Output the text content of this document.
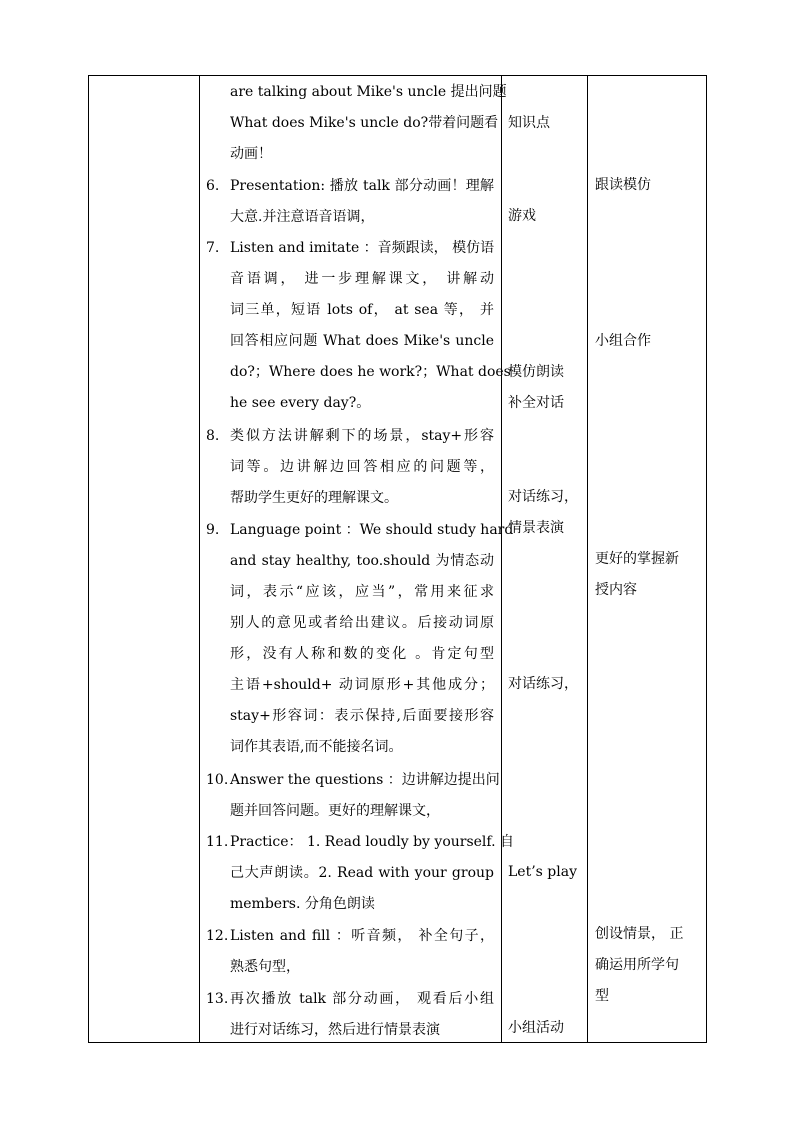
are talking about Mike's uncle 提出问题
What does Mike's uncle do?带着问题看
动画！
6. Presentation: 播放 talk 部分动画！理解
大意.并注意语音语调，
7. Listen and imitate ：音频跟读， 模仿语
音语调， 进一步理解课文， 讲解动
词三单，短语 lots of， at sea 等， 并
回答相应问题 What does Mike's uncle
do?；Where does he work?；What does
he see every day?。
8. 类似方法讲解剩下的场景，stay+形容
词等。边讲解边回答相应的问题等，
帮助学生更好的理解课文。
9. Language point ：We should study hard
and stay healthy, too.should 为情态动
词，表示“应该，应当”，常用来征求
别人的意见或者给出建议。后接动词原
形，没有人称和数的变化 。肯定句型
主语+should+ 动词原形+其他成分；
stay+形容词：表示保持,后面要接形容
词作其表语,而不能接名词。
10. Answer the questions ：边讲解边提出问
题并回答问题。更好的理解课文，
11. Practice： 1. Read loudly by yourself. 自
己大声朗读。2. Read with your group
members. 分角色朗读
12. Listen and fill ：听音频， 补全句子，
熟悉句型，
13. 再次播放 talk 部分动画， 观看后小组
进行对话练习，然后进行情景表演
知识点
游戏
模仿朗读
补全对话
对话练习，
情景表演
对话练习，
Let’s play
小组活动
跟读模仿
小组合作
更好的掌握新
授内容
创设情景， 正
确运用所学句
型
